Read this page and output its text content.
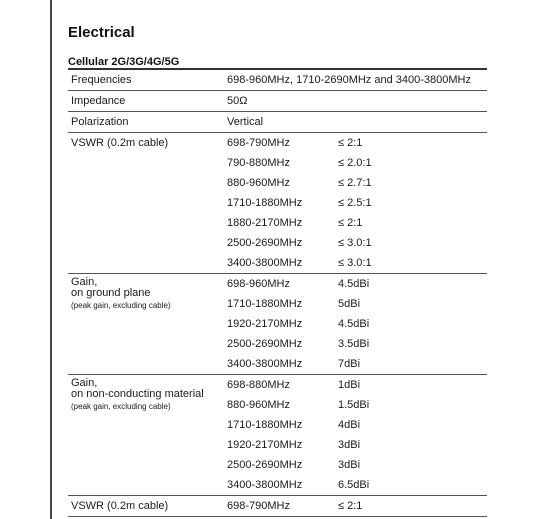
Electrical
Cellular 2G/3G/4G/5G
Frequencies	698-960MHz, 1710-2690MHz and 3400-3800MHz
Impedance	50Ω
Polarization	Vertical
VSWR (0.2m cable)	698-790MHz	≤ 2:1
790-880MHz	≤ 2.0:1
880-960MHz	≤ 2.7:1
1710-1880MHz	≤ 2.5:1
1880-2170MHz	≤ 2:1
2500-2690MHz	≤ 3.0:1
3400-3800MHz	≤ 3.0:1
Gain,
on ground plane
(peak gain, excluding cable)
698-960MHz	4.5dBi
1710-1880MHz	5dBi
1920-2170MHz	4.5dBi
2500-2690MHz	3.5dBi
3400-3800MHz	7dBi
Gain,
on non-conducting material
(peak gain, excluding cable)
698-880MHz	1dBi
880-960MHz	1.5dBi
1710-1880MHz	4dBi
1920-2170MHz	3dBi
2500-2690MHz	3dBi
3400-3800MHz	6.5dBi
VSWR (0.2m cable)	698-790MHz	≤ 2:1
